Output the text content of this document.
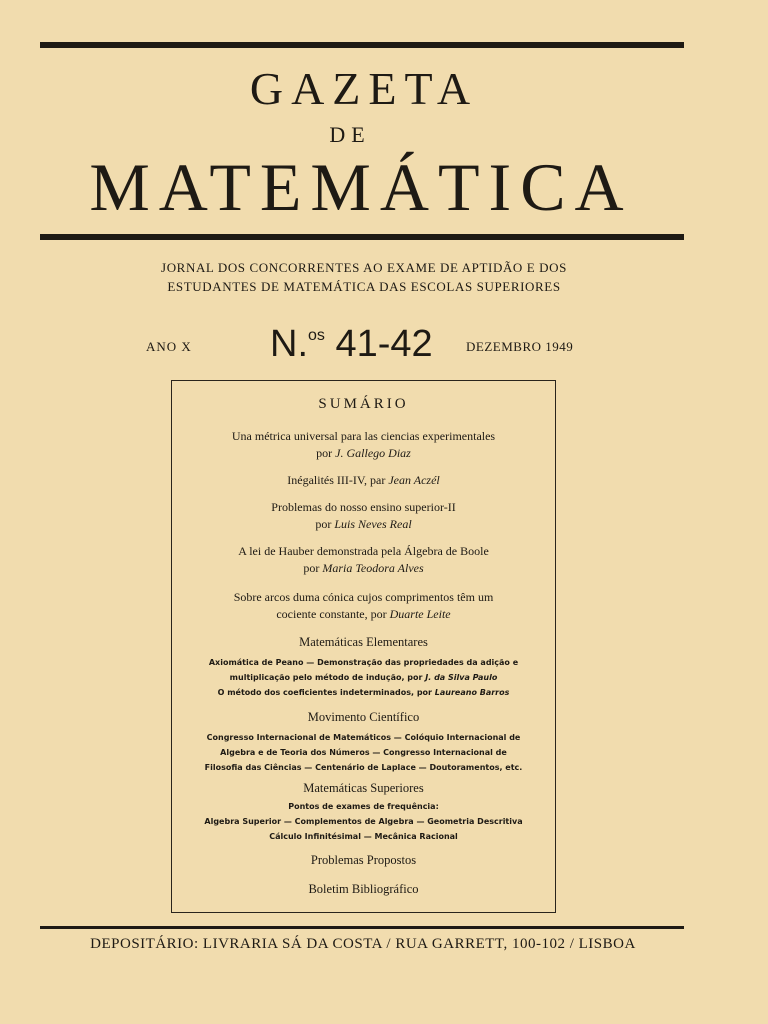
GAZETA
DE
MATEMÁTICA
JORNAL DOS CONCORRENTES AO EXAME DE APTIDÃO E DOS
ESTUDANTES DE MATEMÁTICA DAS ESCOLAS SUPERIORES
ANO X N.$^{os}$ 41-42	DEZEMBRO 1949
SUMÁRIO
Una métrica universal para las ciencias experimentales
por J. Gallego Diaz
Inégalités III-IV, par Jean Aczél
Problemas do nosso ensino superior-II
por Luis Neves Real
A lei de Hauber demonstrada pela Álgebra de Boole
por Maria Teodora Alves
Sobre arcos duma cónica cujos comprimentos têm um
cociente constante, por Duarte Leite
Matemáticas Elementares
Axiomática de Peano — Demonstração das propriedades da adição e
multiplicação pelo método de indução, por J. da Silva Paulo
O método dos coeficientes indeterminados, por Laureano Barros
Movimento Científico
Congresso Internacional de Matemáticos — Colóquio Internacional de
Algebra e de Teoria dos Números — Congresso Internacional de
Filosofia das Ciências — Centenário de Laplace — Doutoramentos, etc.
Matemáticas Superiores
Pontos de exames de frequência:
Algebra Superior — Complementos de Algebra — Geometria Descritiva
Cálculo Infinitésimal — Mecânica Racional
Problemas Propostos
Boletim Bibliográfico
DEPOSITÁRIO: LIVRARIA SÁ DA COSTA / RUA GARRETT, 100-102 / LISBOA
